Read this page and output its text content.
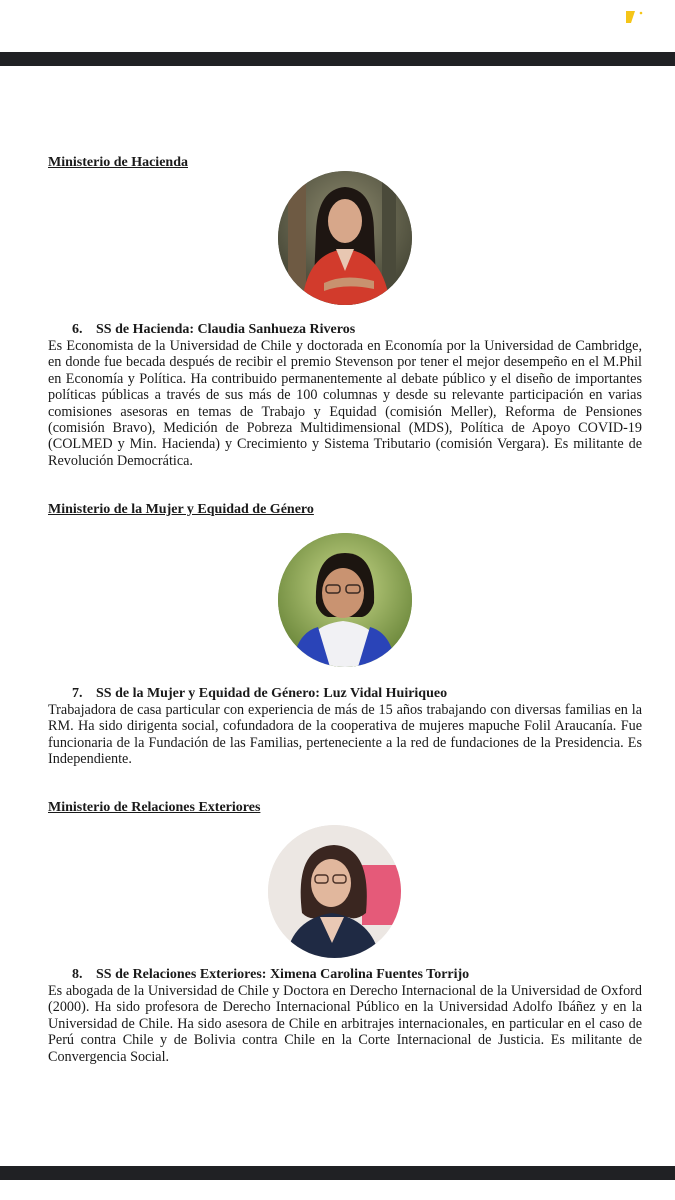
Ministerio de Hacienda
6. SS de Hacienda: Claudia Sanhueza Riveros

Es Economista de la Universidad de Chile y doctorada en Economía por la Universidad de Cambridge, en donde fue becada después de recibir el premio Stevenson por tener el mejor desempeño en el M.Phil en Economía y Política. Ha contribuido permanentemente al debate público y el diseño de importantes políticas públicas a través de sus más de 100 columnas y desde su relevante participación en varias comisiones asesoras en temas de Trabajo y Equidad (comisión Meller), Reforma de Pensiones (comisión Bravo), Medición de Pobreza Multidimensional (MDS), Política de Apoyo COVID-19 (COLMED y Min. Hacienda) y Crecimiento y Sistema Tributario (comisión Vergara). Es militante de Revolución Democrática.

Ministerio de la Mujer y Equidad de Género
7. SS de la Mujer y Equidad de Género: Luz Vidal Huiriqueo

Trabajadora de casa particular con experiencia de más de 15 años trabajando con diversas familias en la RM. Ha sido dirigenta social, cofundadora de la cooperativa de mujeres mapuche Folil Araucanía. Fue funcionaria de la Fundación de las Familias, perteneciente a la red de fundaciones de la Presidencia. Es Independiente.

Ministerio de Relaciones Exteriores
8. SS de Relaciones Exteriores: Ximena Carolina Fuentes Torrijo

Es abogada de la Universidad de Chile y Doctora en Derecho Internacional de la Universidad de Oxford (2000). Ha sido profesora de Derecho Internacional Público en la Universidad Adolfo Ibáñez y en la Universidad de Chile. Ha sido asesora de Chile en arbitrajes internacionales, en particular en el caso de Perú contra Chile y de Bolivia contra Chile en la Corte Internacional de Justicia. Es militante de Convergencia Social.
